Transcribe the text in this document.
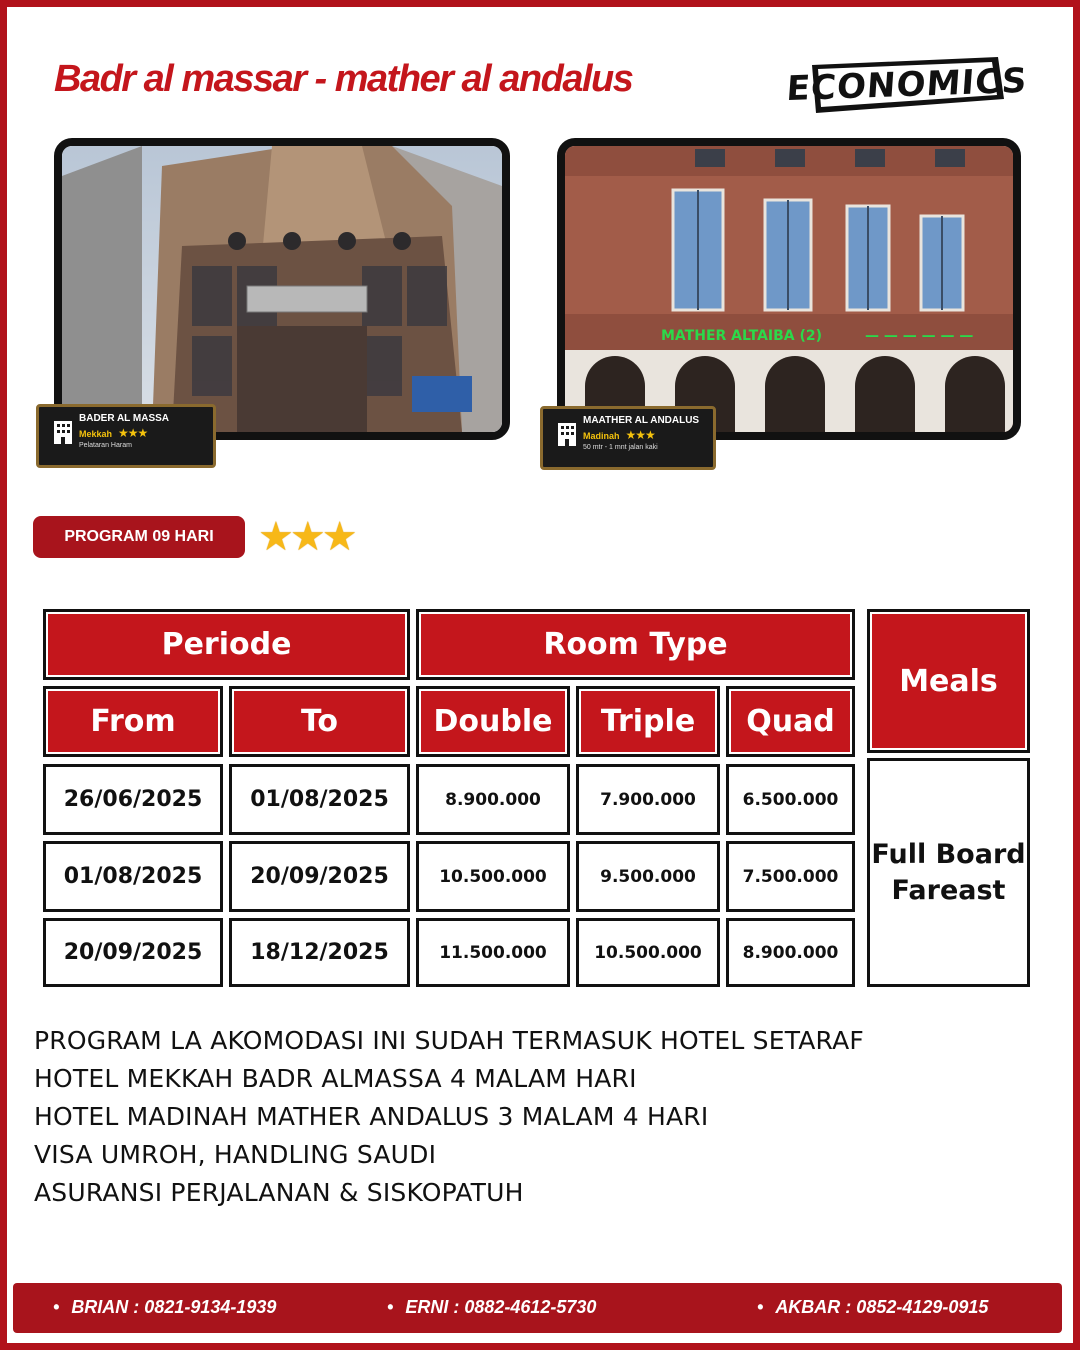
Badr al massar - mather al andalus	ECONOMICS
MATHER ALTAIBA (2)	— — — — — —
BADER AL MASSA
Mekkah ★★★
Pelataran Haram
MAATHER AL ANDALUS
Madinah ★★★
50 mtr - 1 mnt jalan kaki
PROGRAM 09 HARI	★★★
Periode	Room Type
Meals
From	To	Double	Triple	Quad
26/06/2025	01/08/2025	8.900.000	7.900.000	6.500.000
01/08/2025	20/09/2025	10.500.000	9.500.000	7.500.000
20/09/2025	18/12/2025	11.500.000	10.500.000	8.900.000
Full Board
Fareast
PROGRAM LA AKOMODASI INI SUDAH TERMASUK HOTEL SETARAF
HOTEL MEKKAH BADR ALMASSA 4 MALAM HARI
HOTEL MADINAH MATHER ANDALUS 3 MALAM 4 HARI
VISA UMROH, HANDLING SAUDI
ASURANSI PERJALANAN & SISKOPATUH
• BRIAN : 0821-9134-1939	• ERNI : 0882-4612-5730	• AKBAR : 0852-4129-0915
